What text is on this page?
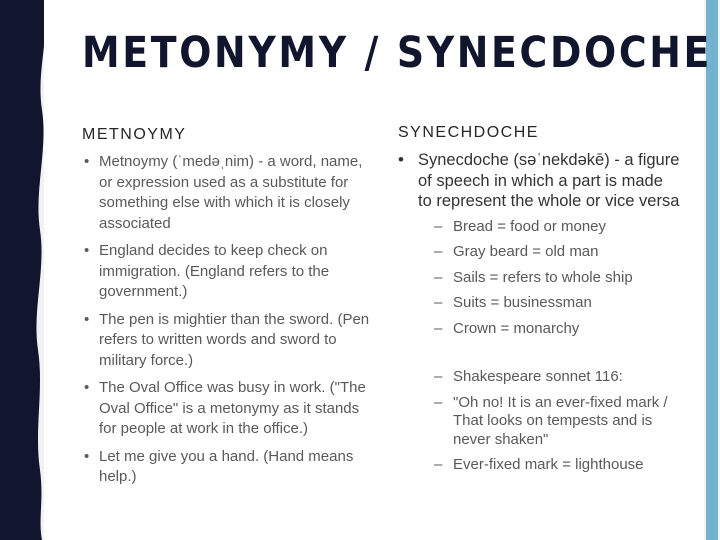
METONYMY / SYNECDOCHE
METNOYMY	SYNECHDOCHE
• Metnoymy (ˈmedəˌnim) - a word, name, or expression used as a substitute for something else with which it is closely associated
• England decides to keep check on immigration. (England refers to the government.)
• The pen is mightier than the sword. (Pen refers to written words and sword to military force.)
• The Oval Office was busy in work. ("The Oval Office" is a metonymy as it stands for people at work in the office.)
• Let me give you a hand. (Hand means help.)
• Synecdoche (səˈnekdəkē) - a figure of speech in which a part is made to represent the whole or vice versa
– Bread = food or money
– Gray beard = old man
– Sails = refers to whole ship
– Suits = businessman
– Crown = monarchy
– Shakespeare sonnet 116:
– "Oh no! It is an ever-fixed mark / That looks on tempests and is never shaken"
– Ever-fixed mark = lighthouse
